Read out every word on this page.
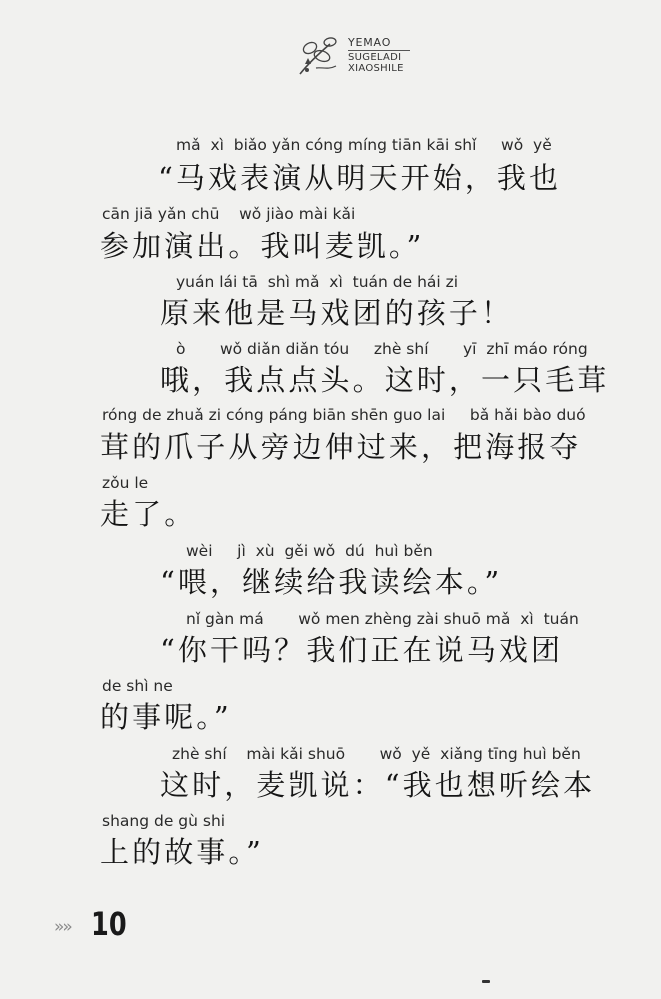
YEMAO
SUGELADI
XIAOSHILE
mǎ  xì  biǎo yǎn cóng míng tiān kāi shǐ     wǒ  yě
“马戏表演从明天开始，我也
cān jiā yǎn chū    wǒ jiào mài kǎi
参加演出。我叫麦凯。”
yuán lái tā  shì mǎ  xì  tuán de hái zi
原来他是马戏团的孩子！
ò       wǒ diǎn diǎn tóu     zhè shí       yī  zhī máo róng
哦，我点点头。这时，一只毛茸
róng de zhuǎ zi cóng páng biān shēn guo lai     bǎ hǎi bào duó
茸的爪子从旁边伸过来，把海报夺
zǒu le
走了。
wèi     jì  xù  gěi wǒ  dú  huì běn
“喂，继续给我读绘本。”
nǐ gàn má       wǒ men zhèng zài shuō mǎ  xì  tuán
“你干吗？我们正在说马戏团
de shì ne
的事呢。”
zhè shí    mài kǎi shuō       wǒ  yě  xiǎng tīng huì běn
这时，麦凯说：“我也想听绘本
shang de gù shi
上的故事。”
»» 10
